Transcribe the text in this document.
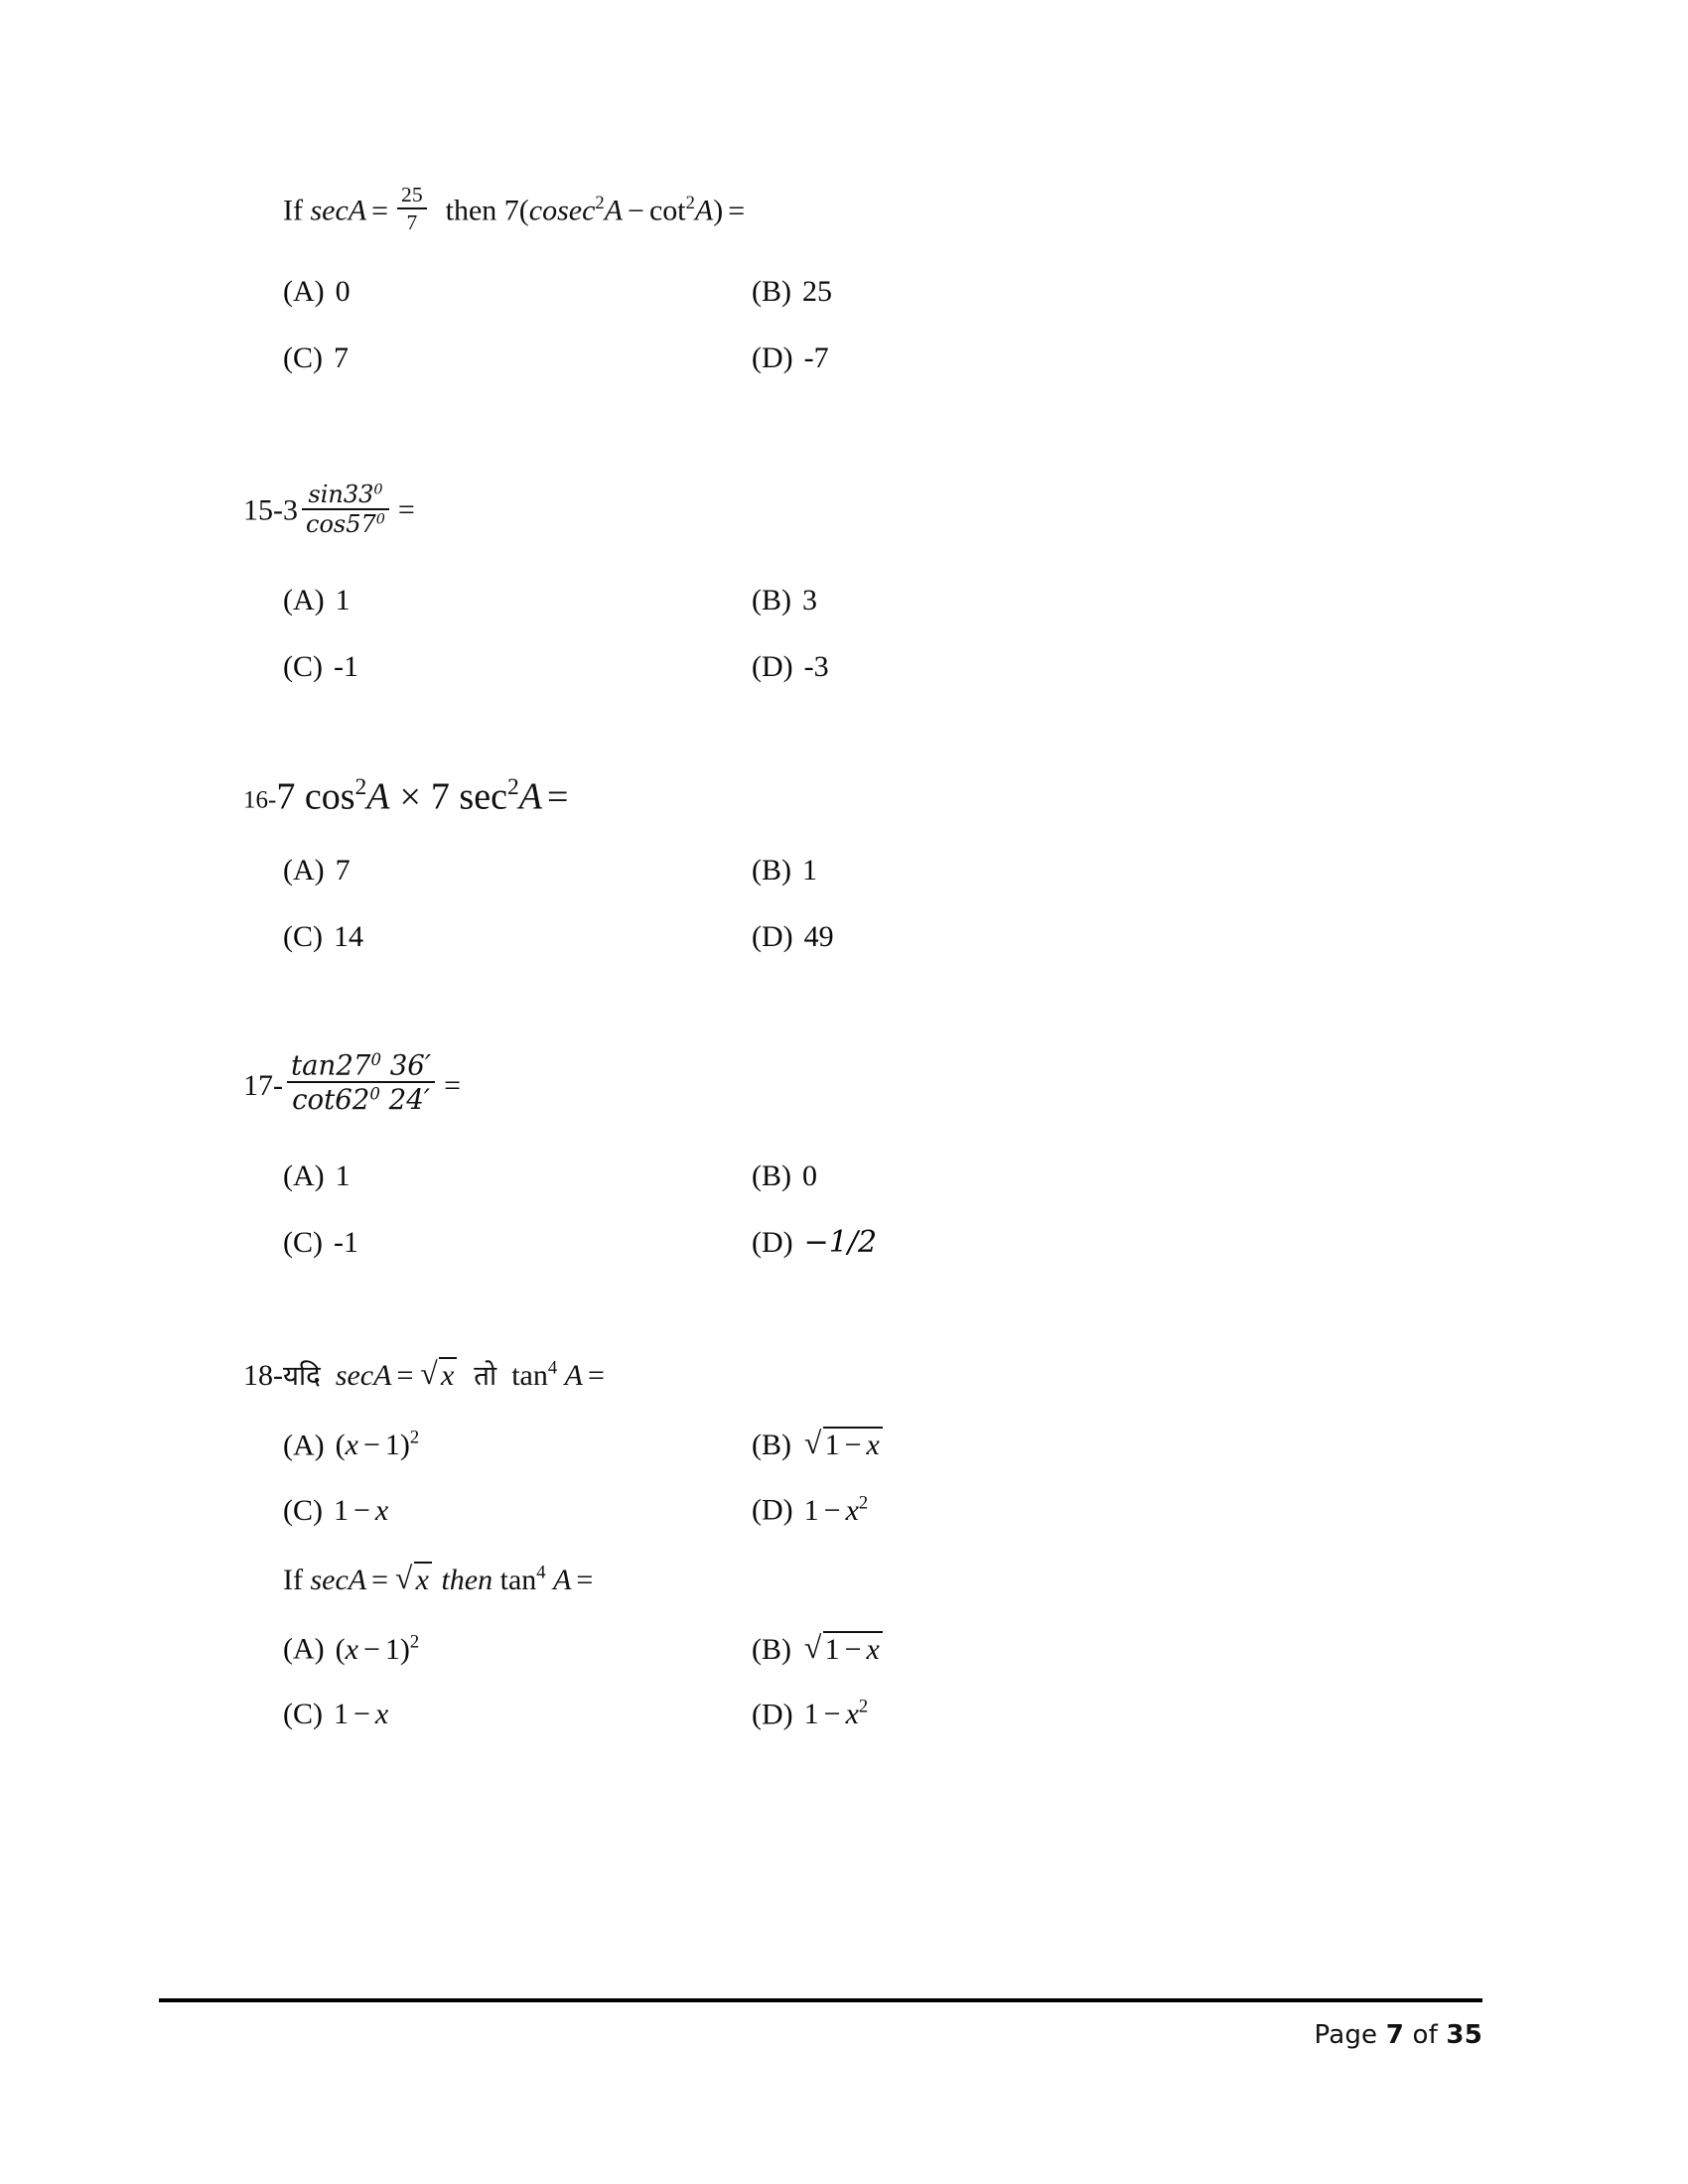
If $\sec A = \frac{25}{7}$ then $7(cosec^2A - \cot^2A)$ =
(A) 0	(B) 25
(C) 7	(D) -7
$15-3 \frac{\sin 33^0}{\cos 57^0}$ =
(A) 1	(B) 3
(C) -1	(D) -3
16-7 $\cos^2A \times 7$ $\sec^2A$ =
(A) 7	(B) 1
(C) 14	(D) 49
$17- \frac{\tan 27^0 36'}{\cot 62^0 24'}$ =
(A) 1	(B) 0
(C) -1	(D) −1/2
18-यदि secA = √ x तो $\tan^4 A$ =
(A) $(x - 1)^2$	(B) √ 1 − x
(C) 1 − x	(D) $1 - x^2$
If secA = √ x then $\tan^4 A$ =
(A) $(x - 1)^2$	(B) √ 1 − x
(C) 1 − x	(D) $1 - x^2$
Page 7 of 35
